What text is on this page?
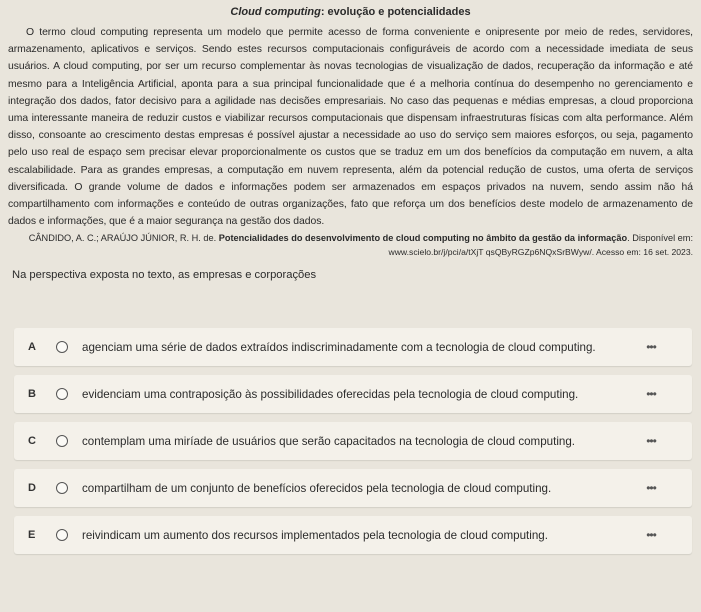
Cloud computing: evolução e potencialidades

O termo cloud computing representa um modelo que permite acesso de forma conveniente e onipresente por meio de redes, servidores, armazenamento, aplicativos e serviços. Sendo estes recursos computacionais configuráveis de acordo com a necessidade imediata de seus usuários. A cloud computing, por ser um recurso complementar às novas tecnologias de visualização de dados, recuperação da informação e até mesmo para a Inteligência Artificial, aponta para a sua principal funcionalidade que é a melhoria contínua do desempenho no gerenciamento e integração dos dados, fator decisivo para a agilidade nas decisões empresariais. No caso das pequenas e médias empresas, a cloud proporciona uma interessante maneira de reduzir custos e viabilizar recursos computacionais que dispensam infraestruturas físicas com alta performance. Além disso, consoante ao crescimento destas empresas é possível ajustar a necessidade ao uso do serviço sem maiores esforços, ou seja, pagamento pelo uso real de espaço sem precisar elevar proporcionalmente os custos que se traduz em um dos benefícios da computação em nuvem, a alta escalabilidade. Para as grandes empresas, a computação em nuvem representa, além da potencial redução de custos, uma oferta de serviços diversificada. O grande volume de dados e informações podem ser armazenados em espaços privados na nuvem, sendo assim não há compartilhamento com informações e conteúdo de outras organizações, fato que reforça um dos benefícios deste modelo de armazenamento de dados e informações, que é a maior segurança na gestão dos dados.

CÂNDIDO, A. C.; ARAÚJO JÚNIOR, R. H. de. Potencialidades do desenvolvimento de cloud computing no âmbito da gestão da informação. Disponível em:

www.scielo.br/j/pci/a/tXjT qsQByRGZp6NQxSrBWyw/. Acesso em: 16 set. 2023.

Na perspectiva exposta no texto, as empresas e corporações
A	agenciam uma série de dados extraídos indiscriminadamente com a tecnologia de cloud computing.	•••
B	evidenciam uma contraposição às possibilidades oferecidas pela tecnologia de cloud computing.	•••
C	contemplam uma miríade de usuários que serão capacitados na tecnologia de cloud computing.	•••
D	compartilham de um conjunto de benefícios oferecidos pela tecnologia de cloud computing.	•••
E	reivindicam um aumento dos recursos implementados pela tecnologia de cloud computing.	•••
